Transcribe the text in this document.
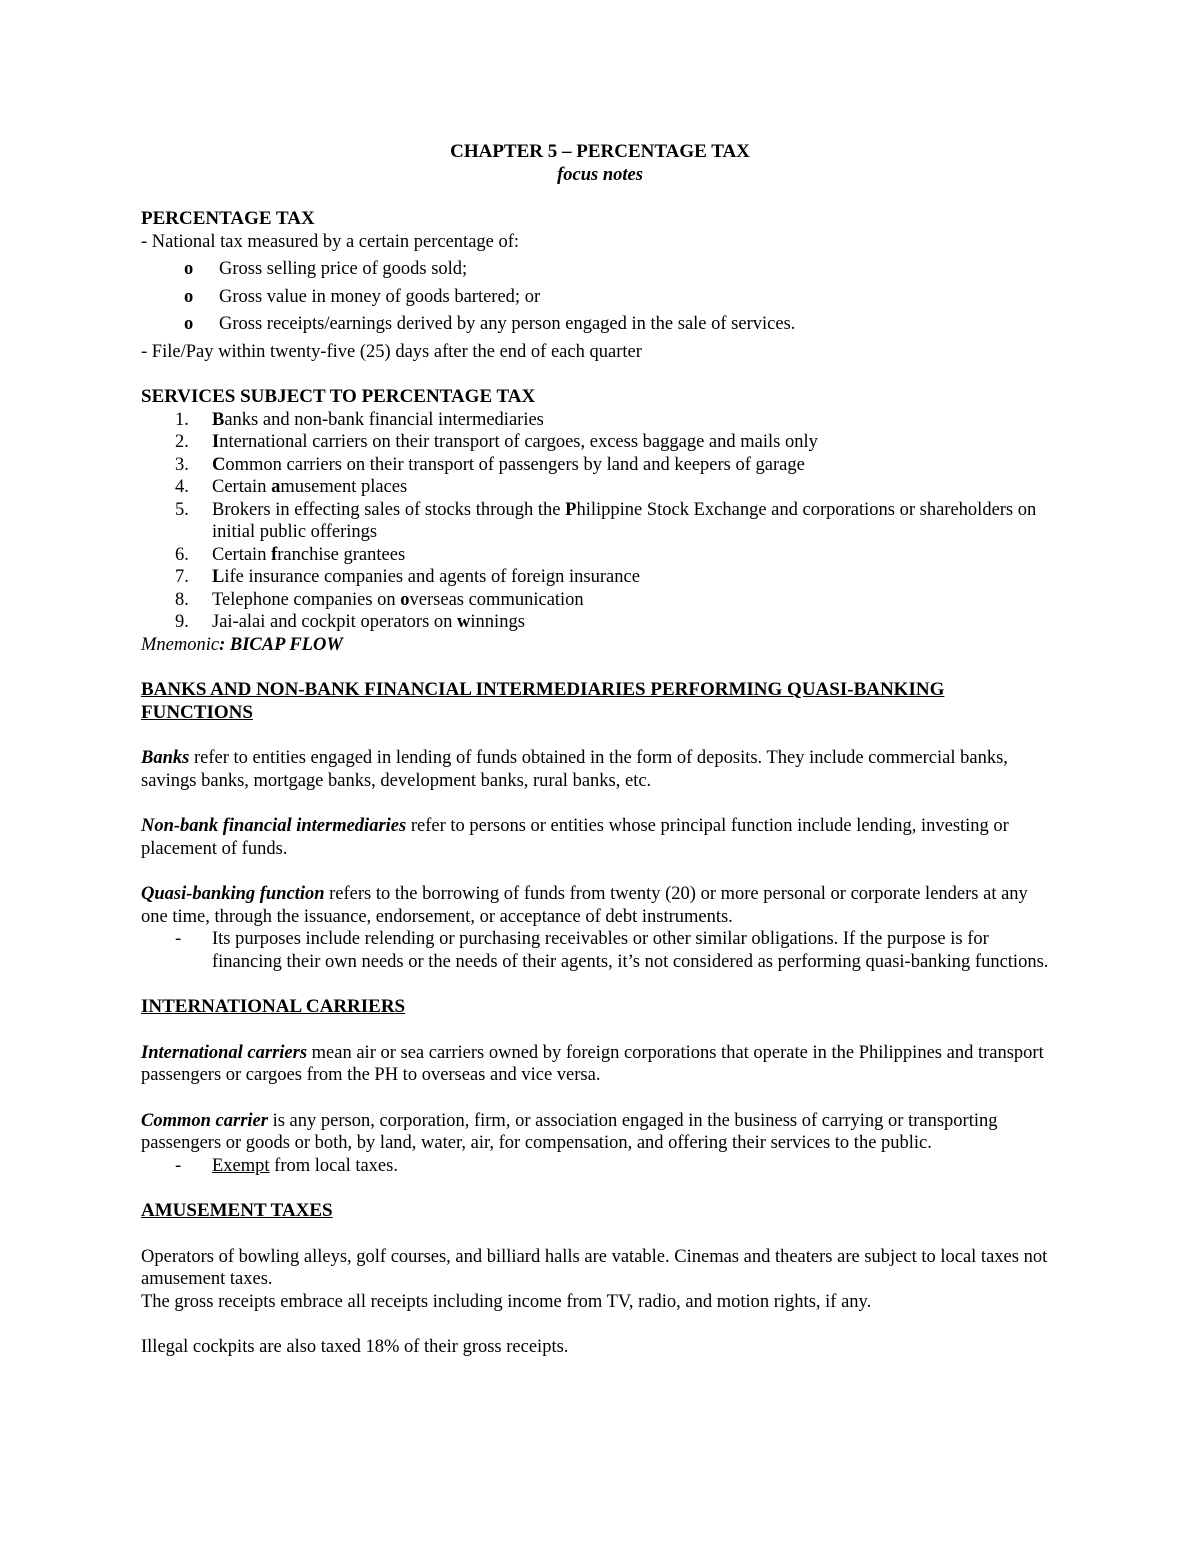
CHAPTER 5 – PERCENTAGE TAX
focus notes
PERCENTAGE TAX

- National tax measured by a certain percentage of:

o Gross selling price of goods sold;
o Gross value in money of goods bartered; or
o Gross receipts/earnings derived by any person engaged in the sale of services.

- File/Pay within twenty-five (25) days after the end of each quarter

SERVICES SUBJECT TO PERCENTAGE TAX
1. Banks and non-bank financial intermediaries
2. International carriers on their transport of cargoes, excess baggage and mails only
3. Common carriers on their transport of passengers by land and keepers of garage
4. Certain amusement places
5. Brokers in effecting sales of stocks through the Philippine Stock Exchange and corporations or shareholders on initial public offerings
6. Certain franchise grantees
7. Life insurance companies and agents of foreign insurance
8. Telephone companies on overseas communication
9. Jai-alai and cockpit operators on winnings

Mnemonic: BICAP FLOW

BANKS AND NON-BANK FINANCIAL INTERMEDIARIES PERFORMING QUASI-BANKING FUNCTIONS

Banks refer to entities engaged in lending of funds obtained in the form of deposits. They include commercial banks, savings banks, mortgage banks, development banks, rural banks, etc.

Non-bank financial intermediaries refer to persons or entities whose principal function include lending, investing or placement of funds.

Quasi-banking function refers to the borrowing of funds from twenty (20) or more personal or corporate lenders at any one time, through the issuance, endorsement, or acceptance of debt instruments.

- Its purposes include relending or purchasing receivables or other similar obligations. If the purpose is for financing their own needs or the needs of their agents, it’s not considered as performing quasi-banking functions.
INTERNATIONAL CARRIERS

International carriers mean air or sea carriers owned by foreign corporations that operate in the Philippines and transport passengers or cargoes from the PH to overseas and vice versa.

Common carrier is any person, corporation, firm, or association engaged in the business of carrying or transporting passengers or goods or both, by land, water, air, for compensation, and offering their services to the public.

- Exempt from local taxes.
AMUSEMENT TAXES

Operators of bowling alleys, golf courses, and billiard halls are vatable. Cinemas and theaters are subject to local taxes not amusement taxes.

The gross receipts embrace all receipts including income from TV, radio, and motion rights, if any.

Illegal cockpits are also taxed 18% of their gross receipts.
